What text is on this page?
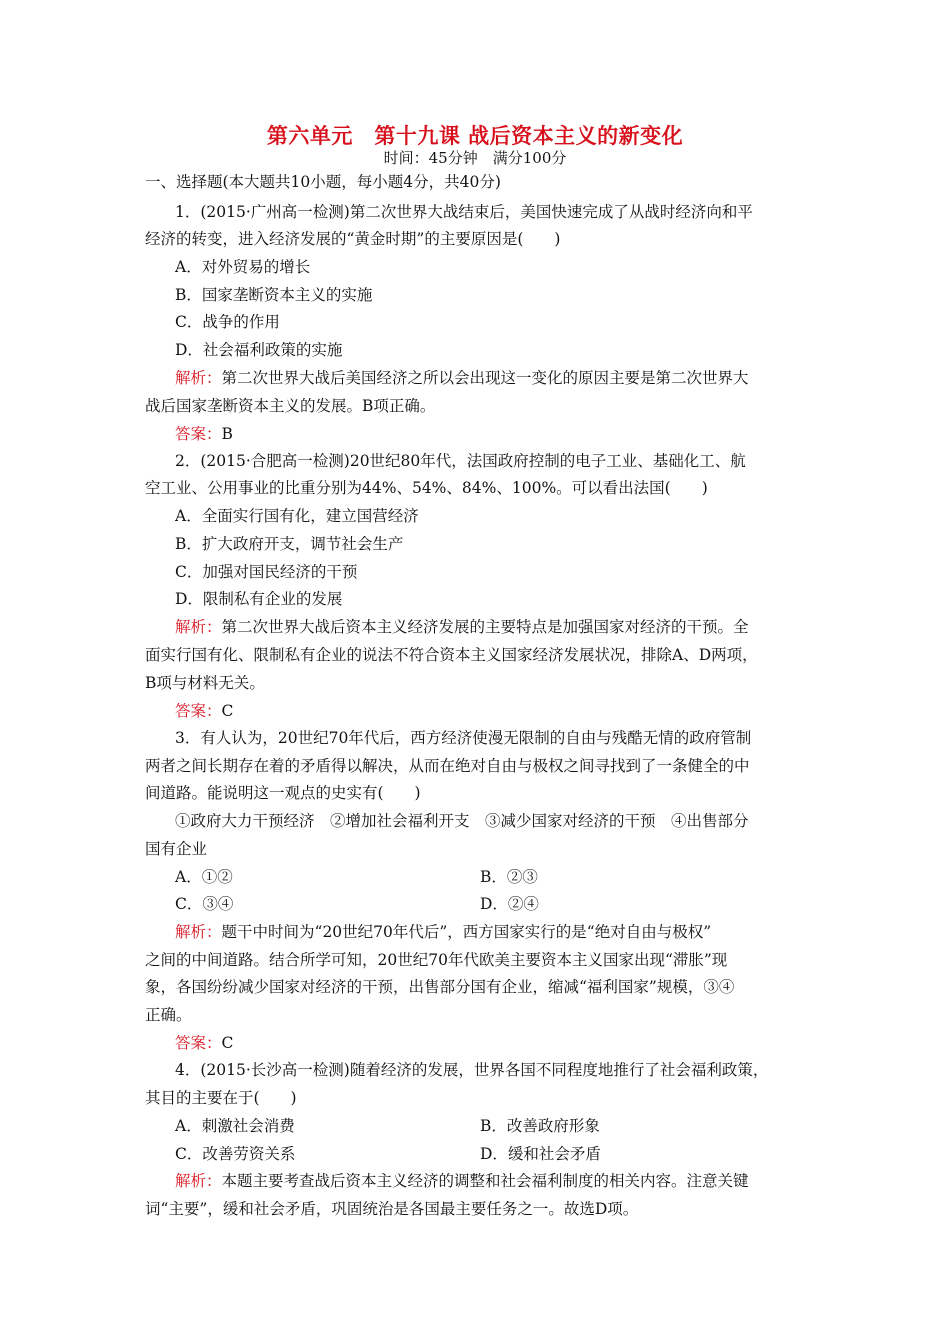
第六单元　第十九课 战后资本主义的新变化
时间：45分钟　满分100分
一、选择题(本大题共10小题，每小题4分，共40分)
1．(2015·广州高一检测)第二次世界大战结束后，美国快速完成了从战时经济向和平
经济的转变，进入经济发展的“黄金时期”的主要原因是(　　)
A．对外贸易的增长
B．国家垄断资本主义的实施
C．战争的作用
D．社会福利政策的实施
解析：第二次世界大战后美国经济之所以会出现这一变化的原因主要是第二次世界大
战后国家垄断资本主义的发展。B项正确。
答案：B
2．(2015·合肥高一检测)20世纪80年代，法国政府控制的电子工业、基础化工、航
空工业、公用事业的比重分别为44%、54%、84%、100%。可以看出法国(　　)
A．全面实行国有化，建立国营经济
B．扩大政府开支，调节社会生产
C．加强对国民经济的干预
D．限制私有企业的发展
解析：第二次世界大战后资本主义经济发展的主要特点是加强国家对经济的干预。全
面实行国有化、限制私有企业的说法不符合资本主义国家经济发展状况，排除A、D两项，
B项与材料无关。
答案：C
3．有人认为，20世纪70年代后，西方经济使漫无限制的自由与残酷无情的政府管制
两者之间长期存在着的矛盾得以解决，从而在绝对自由与极权之间寻找到了一条健全的中
间道路。能说明这一观点的史实有(　　)
①政府大力干预经济　②增加社会福利开支　③减少国家对经济的干预　④出售部分
国有企业
A．①②	B．②③
C．③④	D．②④
解析：题干中时间为“20世纪70年代后”，西方国家实行的是“绝对自由与极权”
之间的中间道路。结合所学可知，20世纪70年代欧美主要资本主义国家出现“滞胀”现
象，各国纷纷减少国家对经济的干预，出售部分国有企业，缩减“福利国家”规模，③④
正确。
答案：C
4．(2015·长沙高一检测)随着经济的发展，世界各国不同程度地推行了社会福利政策，
其目的主要在于(　　)
A．刺激社会消费	B．改善政府形象
C．改善劳资关系	D．缓和社会矛盾
解析：本题主要考查战后资本主义经济的调整和社会福利制度的相关内容。注意关键
词“主要”，缓和社会矛盾，巩固统治是各国最主要任务之一。故选D项。
